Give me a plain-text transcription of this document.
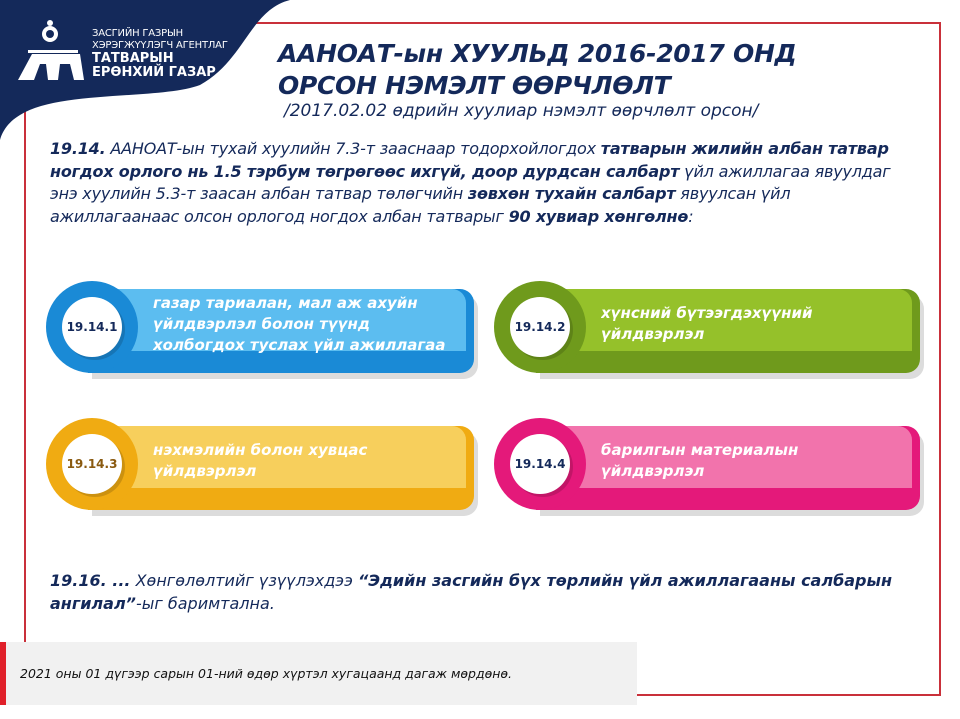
ЗАСГИЙН ГАЗРЫН
ХЭРЭГЖҮҮЛЭГЧ АГЕНТЛАГ
ТАТВАРЫН
ЕРӨНХИЙ ГАЗАР
ААНОАТ-ын ХУУЛЬД 2016-2017 ОНД
ОРСОН НЭМЭЛТ ӨӨРЧЛӨЛТ
/2017.02.02 өдрийн хуулиар нэмэлт өөрчлөлт орсон/
19.14. ААНОАТ-ын тухай хуулийн 7.3-т зааснаар тодорхойлогдох татварын жилийн албан татвар ногдох орлого нь 1.5 тэрбум төгрөгөөс ихгүй, доор дурдсан салбарт үйл ажиллагаа явуулдаг энэ хуулийн 5.3-т заасан албан татвар төлөгчийн зөвхөн тухайн салбарт явуулсан үйл ажиллагаанаас олсон орлогод ногдох албан татварыг 90 хувиар хөнгөлнө:
19.14.1
газар тариалан, мал аж ахуйн
үйлдвэрлэл болон түүнд
холбогдох туслах үйл ажиллагаа
19.14.2
хүнсний бүтээгдэхүүний
үйлдвэрлэл
19.14.3
нэхмэлийн болон хувцас
үйлдвэрлэл	19.14.4
барилгын материалын
үйлдвэрлэл
19.16. ... Хөнгөлөлтийг үзүүлэхдээ “Эдийн засгийн бүх төрлийн үйл ажиллагааны салбарын ангилал”-ыг баримтална.
2021 оны 01 дүгээр сарын 01-ний өдөр хүртэл хугацаанд дагаж мөрдөнө.
